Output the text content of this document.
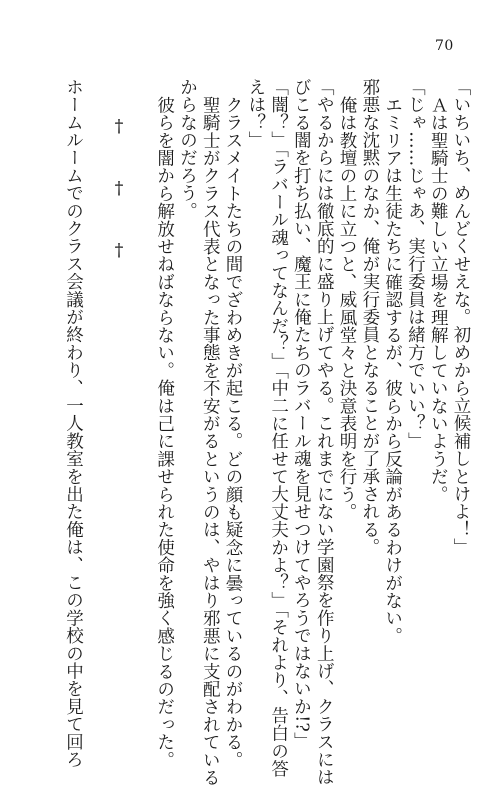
70
「いちいち、めんどくせえな。初めから立候補しとけよ！」
Ａは聖騎士の難しい立場を理解していないようだ。
「じゃ……じゃあ、実行委員は緒方でいい？」
エミリアは生徒たちに確認するが、彼らから反論があるわけがない。
邪悪な沈黙のなか、俺が実行委員となることが了承される。
俺は教壇の上に立つと、威風堂々と決意表明を行う。
「やるからには徹底的に盛り上げてやる。これまでにない学園祭を作り上げ、クラスには
びこる闇を打ち払い、魔王に俺たちのラバール魂を見せつけてやろうではないか!?」
「闇？」「ラバール魂ってなんだ？」「中二に任せて大丈夫かよ？」「それより、告白の答
えは？」
クラスメイトたちの間でざわめきが起こる。どの顔も疑念に曇っているのがわかる。
聖騎士がクラス代表となった事態を不安がるというのは、やはり邪悪に支配されている
からなのだろう。
彼らを闇から解放せねばならない。俺は己に課せられた使命を強く感じるのだった。

†††

ホームルームでのクラス会議が終わり、一人教室を出た俺は、この学校の中を見て回ろ
